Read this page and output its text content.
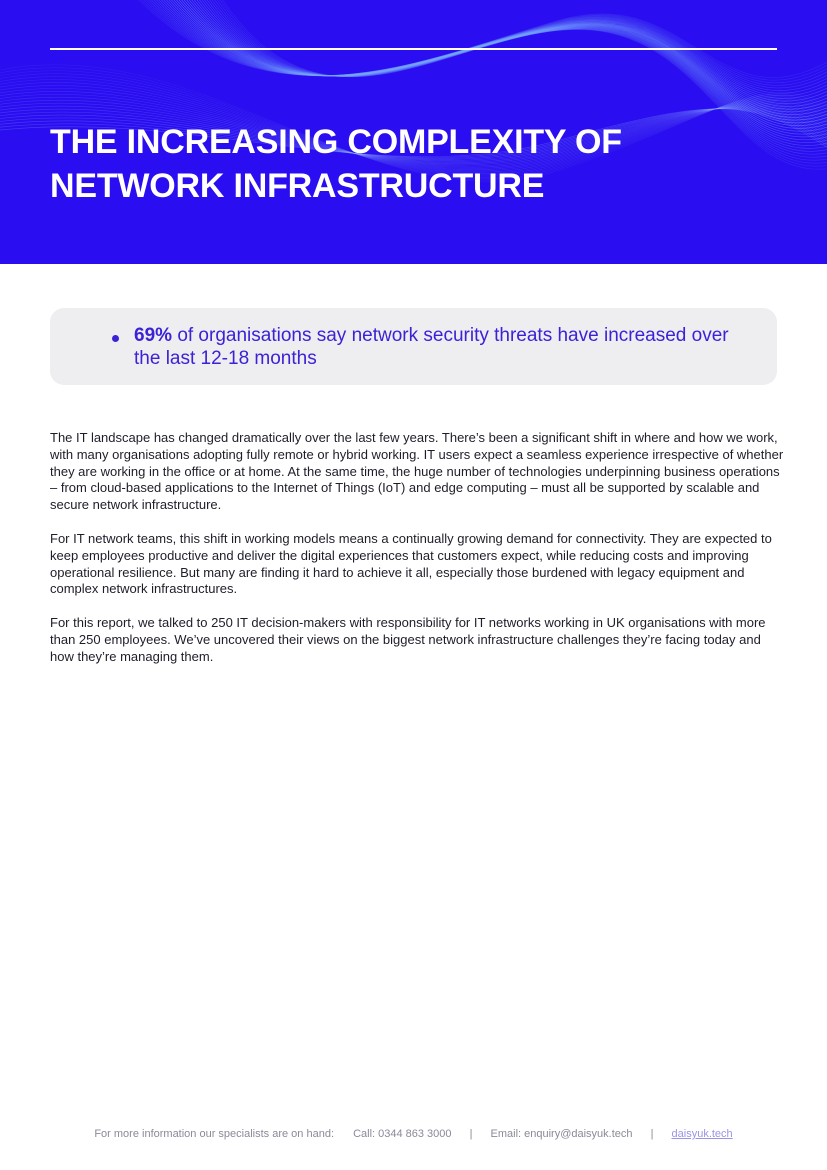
THE INCREASING COMPLEXITY OF
NETWORK INFRASTRUCTURE
69% of organisations say network security threats have increased over the last 12-18 months

The IT landscape has changed dramatically over the last few years. There’s been a significant shift in where and how we work, with many organisations adopting fully remote or hybrid working. IT users expect a seamless experience irrespective of whether they are working in the office or at home. At the same time, the huge number of technologies underpinning business operations – from cloud-based applications to the Internet of Things (IoT) and edge computing – must all be supported by scalable and secure network infrastructure.

For IT network teams, this shift in working models means a continually growing demand for connectivity. They are expected to keep employees productive and deliver the digital experiences that customers expect, while reducing costs and improving operational resilience. But many are finding it hard to achieve it all, especially those burdened with legacy equipment and complex network infrastructures.

For this report, we talked to 250 IT decision-makers with responsibility for IT networks working in UK organisations with more than 250 employees. We’ve uncovered their views on the biggest network infrastructure challenges they’re facing today and how they’re managing them.

For more information our specialists are on hand: Call: 0344 863 3000 | Email: enquiry@daisyuk.tech | daisyuk.tech
